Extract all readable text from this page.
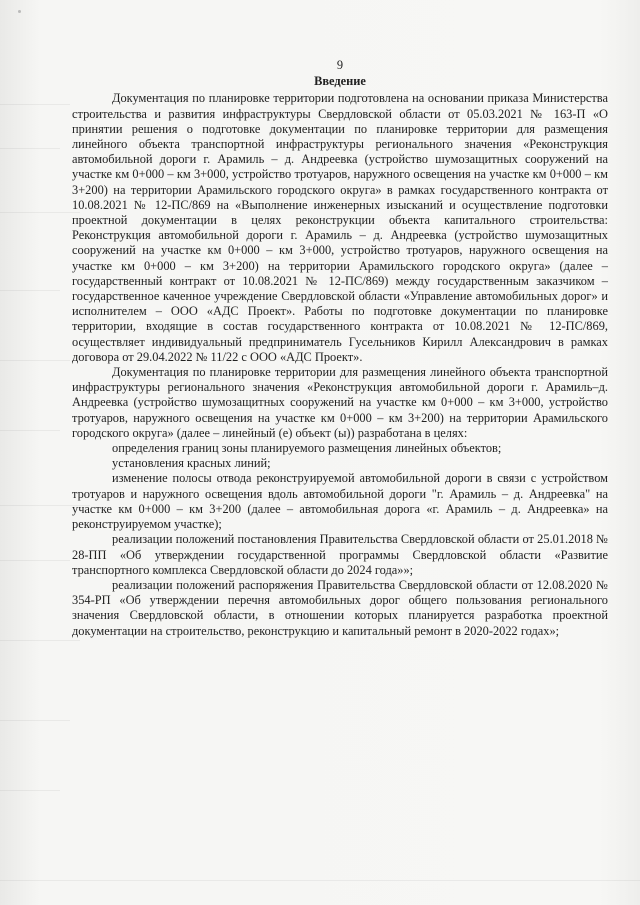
9
Введение

Документация по планировке территории подготовлена на основании приказа Министерства строительства и развития инфраструктуры Свердловской области от 05.03.2021 № 163-П «О принятии решения о подготовке документации по планировке территории для размещения линейного объекта транспортной инфраструктуры регионального значения «Реконструкция автомобильной дороги г. Арамиль – д. Андреевка (устройство шумозащитных сооружений на участке км 0+000 – км 3+000, устройство тротуаров, наружного освещения на участке км 0+000 – км 3+200) на территории Арамильского городского округа» в рамках государственного контракта от 10.08.2021 № 12-ПС/869 на «Выполнение инженерных изысканий и осуществление подготовки проектной документации в целях реконструкции объекта капитального строительства: Реконструкция автомобильной дороги г. Арамиль – д. Андреевка (устройство шумозащитных сооружений на участке км 0+000 – км 3+000, устройство тротуаров, наружного освещения на участке км 0+000 – км 3+200) на территории Арамильского городского округа» (далее – государственный контракт от 10.08.2021 № 12-ПС/869) между государственным заказчиком – государственное каченное учреждение Свердловской области «Управление автомобильных дорог» и исполнителем – ООО «АДС Проект». Работы по подготовке документации по планировке территории, входящие в состав государственного контракта от 10.08.2021 № 12-ПС/869, осуществляет индивидуальный предприниматель Гусельников Кирилл Александрович в рамках договора от 29.04.2022 № 11/22 с ООО «АДС Проект».

Документация по планировке территории для размещения линейного объекта транспортной инфраструктуры регионального значения «Реконструкция автомобильной дороги г. Арамиль–д. Андреевка (устройство шумозащитных сооружений на участке км 0+000 – км 3+000, устройство тротуаров, наружного освещения на участке км 0+000 – км 3+200) на территории Арамильского городского округа» (далее – линейный (е) объект (ы)) разработана в целях:

определения границ зоны планируемого размещения линейных объектов;

установления красных линий;

изменение полосы отвода реконструируемой автомобильной дороги в связи с устройством тротуаров и наружного освещения вдоль автомобильной дороги "г. Арамиль – д. Андреевка" на участке км 0+000 – км 3+200 (далее – автомобильная дорога «г. Арамиль – д. Андреевка» на реконструируемом участке);

реализации положений постановления Правительства Свердловской области от 25.01.2018 № 28-ПП «Об утверждении государственной программы Свердловской области «Развитие транспортного комплекса Свердловской области до 2024 года»»;

реализации положений распоряжения Правительства Свердловской области от 12.08.2020 № 354-РП «Об утверждении перечня автомобильных дорог общего пользования регионального значения Свердловской области, в отношении которых планируется разработка проектной документации на строительство, реконструкцию и капитальный ремонт в 2020-2022 годах»;
